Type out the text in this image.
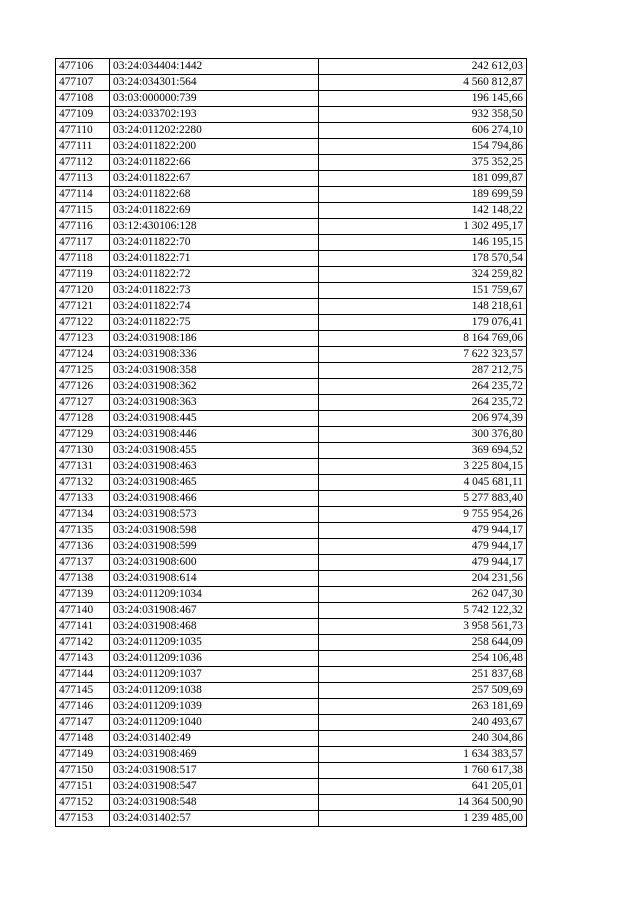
477106	03:24:034404:1442	242 612,03
477107	03:24:034301:564	4 560 812,87
477108	03:03:000000:739	196 145,66
477109	03:24:033702:193	932 358,50
477110	03:24:011202:2280	606 274,10
477111	03:24:011822:200	154 794,86
477112	03:24:011822:66	375 352,25
477113	03:24:011822:67	181 099,87
477114	03:24:011822:68	189 699,59
477115	03:24:011822:69	142 148,22
477116	03:12:430106:128	1 302 495,17
477117	03:24:011822:70	146 195,15
477118	03:24:011822:71	178 570,54
477119	03:24:011822:72	324 259,82
477120	03:24:011822:73	151 759,67
477121	03:24:011822:74	148 218,61
477122	03:24:011822:75	179 076,41
477123	03:24:031908:186	8 164 769,06
477124	03:24:031908:336	7 622 323,57
477125	03:24:031908:358	287 212,75
477126	03:24:031908:362	264 235,72
477127	03:24:031908:363	264 235,72
477128	03:24:031908:445	206 974,39
477129	03:24:031908:446	300 376,80
477130	03:24:031908:455	369 694,52
477131	03:24:031908:463	3 225 804,15
477132	03:24:031908:465	4 045 681,11
477133	03:24:031908:466	5 277 883,40
477134	03:24:031908:573	9 755 954,26
477135	03:24:031908:598	479 944,17
477136	03:24:031908:599	479 944,17
477137	03:24:031908:600	479 944,17
477138	03:24:031908:614	204 231,56
477139	03:24:011209:1034	262 047,30
477140	03:24:031908:467	5 742 122,32
477141	03:24:031908:468	3 958 561,73
477142	03:24:011209:1035	258 644,09
477143	03:24:011209:1036	254 106,48
477144	03:24:011209:1037	251 837,68
477145	03:24:011209:1038	257 509,69
477146	03:24:011209:1039	263 181,69
477147	03:24:011209:1040	240 493,67
477148	03:24:031402:49	240 304,86
477149	03:24:031908:469	1 634 383,57
477150	03:24:031908:517	1 760 617,38
477151	03:24:031908:547	641 205,01
477152	03:24:031908:548	14 364 500,90
477153	03:24:031402:57	1 239 485,00
